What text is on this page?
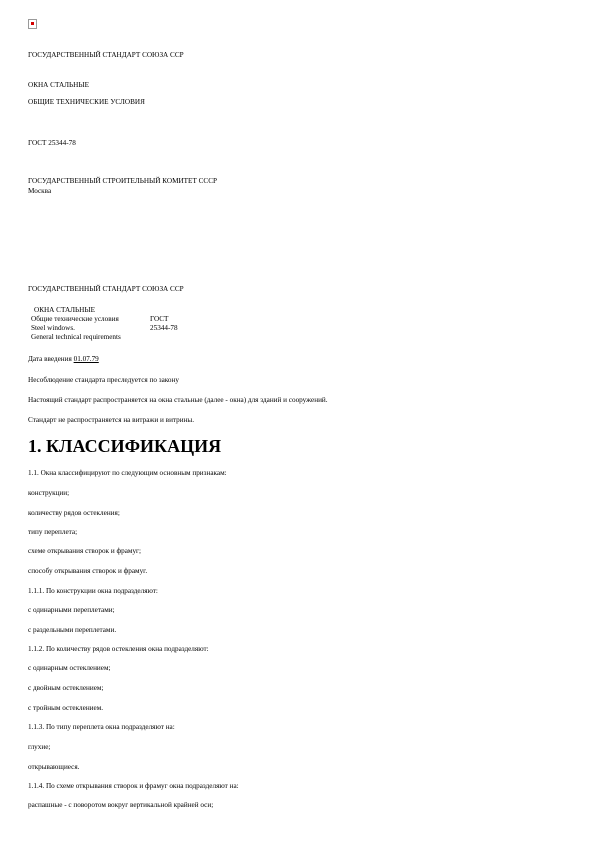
ГОСУДАРСТВЕННЫЙ СТАНДАРТ СОЮЗА ССР
ОКНА СТАЛЬНЫЕ
ОБЩИЕ ТЕХНИЧЕСКИЕ УСЛОВИЯ
ГОСТ 25344-78
ГОСУДАРСТВЕННЫЙ СТРОИТЕЛЬНЫЙ КОМИТЕТ СССР
Москва
ГОСУДАРСТВЕННЫЙ СТАНДАРТ СОЮЗА ССР
ОКНА СТАЛЬНЫЕ
Общие технические условия	ГОСТ
Steel windows.	25344-78
General technical requirements
Дата введения 01.07.79
Несоблюдение стандарта преследуется по закону
Настоящий стандарт распространяется на окна стальные (далее - окна) для зданий и сооружений.
Стандарт не распространяется на витражи и витрины.
1. КЛАССИФИКАЦИЯ
1.1. Окна классифицируют по следующим основным признакам:
конструкции;
количеству рядов остекления;
типу переплета;
схеме открывания створок и фрамуг;
способу открывания створок и фрамуг.
1.1.1. По конструкции окна подразделяют:
с одинарными переплетами;
с раздельными переплетами.
1.1.2. По количеству рядов остекления окна подразделяют:
с одинарным остеклением;
с двойным остеклением;
с тройным остеклением.
1.1.3. По типу переплета окна подразделяют на:
глухие;
открывающиеся.
1.1.4. По схеме открывания створок и фрамуг окна подразделяют на:
распашные - с поворотом вокруг вертикальной крайней оси;
